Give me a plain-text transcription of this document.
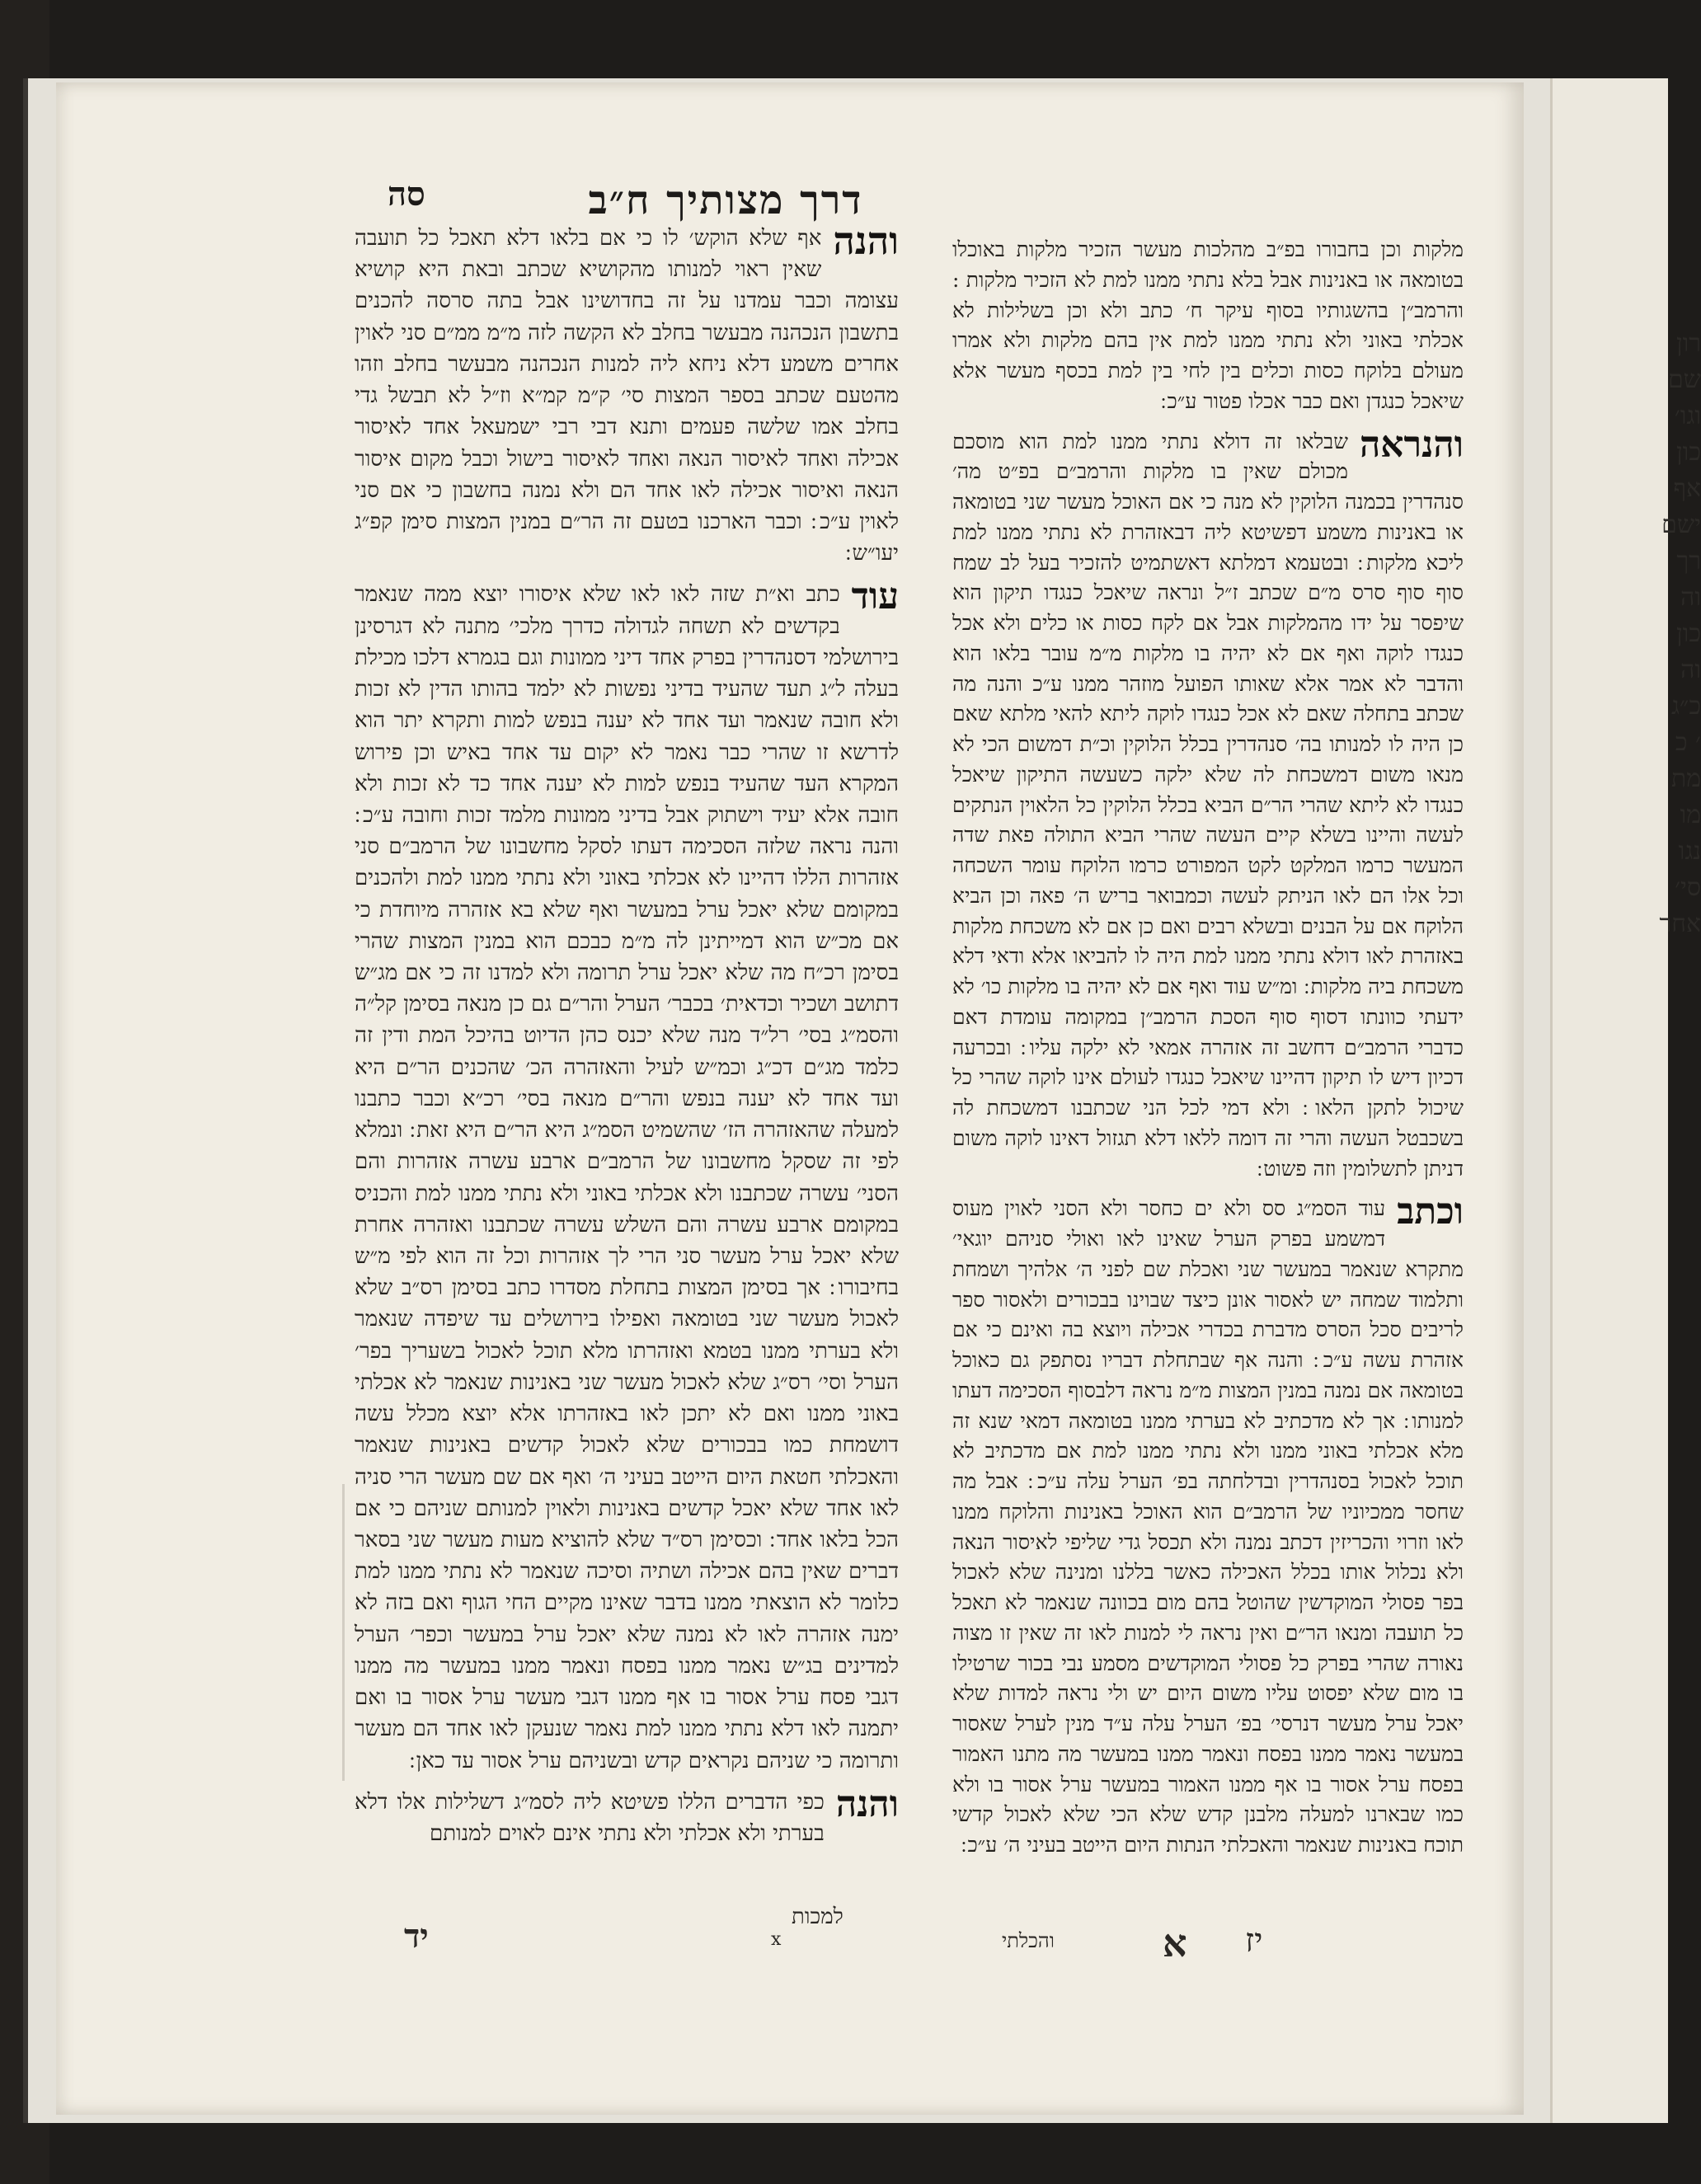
רון
שם
וגו׳
כון
אף
ישם
רך
וה
כון
וה
כ״ג
׳ כ
מת
מו
נגו
סי׳
אחר
דרך מצותיך ח״ב
סה
מלקות וכן בחבורו בפ״ב מהלכות מעשר הזכיר מלקות באוכלו בטומאה או באנינות אבל בלא נתתי ממנו למת לא הזכיר מלקות : והרמב״ן בהשגותיו בסוף עיקר ח׳ כתב ולא וכן בשלילות לא אכלתי באוני ולא נתתי ממנו למת אין בהם מלקות ולא אמרו מעולם בלוקח כסות וכלים בין לחי בין למת בכסף מעשר אלא שיאכל כנגדן ואם כבר אכלו פטור ע״כ ׃
והנראה
שבלאו זה דולא נתתי ממנו למת הוא מוסכם מכולם שאין בו מלקות והרמב״ם בפ״ט מה׳ סנהדרין בכמנה הלוקין לא מנה כי אם האוכל מעשר שני בטומאה או באנינות משמע דפשיטא ליה דבאזהרת לא נתתי ממנו למת ליכא מלקות ׃ ובטעמא דמלתא דאשתמיט להזכיר בעל לב שמח סוף סוף סרס מ״ם שכתב ז״ל ונראה שיאכל כנגדו תיקון הוא שיפסר על ידו מהמלקות אבל אם לקח כסות או כלים ולא אכל כנגדו לוקה ואף אם לא יהיה בו מלקות מ״מ עובר בלאו הוא והדבר לא אמר אלא שאותו הפועל מוזהר ממנו ע״כ והנה מה שכתב בתחלה שאם לא אכל כנגדו לוקה ליתא להאי מלתא שאם כן היה לו למנותו בה׳ סנהדרין בכלל הלוקין וכ״ת דמשום הכי לא מנאו משום דמשכחת לה שלא ילקה כשעשה התיקון שיאכל כנגדו לא ליתא שהרי הר״ם הביא בכלל הלוקין כל הלאוין הנתקים לעשה והיינו בשלא קיים העשה שהרי הביא התולה פאת שדה המעשר כרמו המלקט לקט המפורט כרמו הלוקח עומר השכחה וכל אלו הם לאו הניתק לעשה וכמבואר בריש ה׳ פאה וכן הביא הלוקח אם על הבנים ובשלא רבים ואם כן אם לא משכחת מלקות באזהרת לאו דולא נתתי ממנו למת היה לו להביאו אלא ודאי דלא משכחת ביה מלקות ׃ ומ״ש עוד ואף אם לא יהיה בו מלקות כו׳ לא ידעתי כוונתו דסוף סוף הסכת הרמב״ן במקומה עומדת דאם כדברי הרמב״ם דחשב זה אזהרה אמאי לא ילקה עליו ׃ ובכרעה דכיון דיש לו תיקון דהיינו שיאכל כנגדו לעולם אינו לוקה שהרי כל שיכול לתקן הלאו ׃ ולא דמי לכל הני שכתבנו דמשכחת לה בשכבטל העשה והרי זה דומה ללאו דלא תגזול דאינו לוקה משום דניתן לתשלומין וזה פשוט ׃
וכתב
עוד הסמ״ג סס ולא ים כחסר ולא הסני לאוין מעוס דמשמע בפרק הערל שאינו לאו ואולי סניהם יוגאי׳ מתקרא שנאמר במעשר שני ואכלת שם לפני ה׳ אלהיך ושמחת ותלמוד שמחה יש לאסור אונן כיצד שבוינו בבכורים ולאסור ספר לריבים סכל הסרס מדברת בכדרי אכילה ויוצא בה ואינם כי אם אזהרת עשה ע״כ ׃ והנה אף שבתחלת דבריו נסתפק גם כאוכל בטומאה אם נמנה במנין המצות מ״מ נראה דלבסוף הסכימה דעתו למנותו ׃ אך לא מדכתיב לא בערתי ממנו בטומאה דמאי שנא זה מלא אכלתי באוני ממנו ולא נתתי ממנו למת אם מדכתיב לא תוכל לאכול בסנהדרין ובדלחתה בפ׳ הערל עלה ע״כ ׃ אבל מה שחסר ממכיוניו של הרמב״ם הוא האוכל באנינות והלוקח ממנו לאו וזרוי והכריזין דכתב נמנה ולא תכסל גדי שליפי לאיסור הנאה ולא נכלול אותו בכלל האכילה כאשר בללנו ומנינה שלא לאכול בפר פסולי המוקדשין שהוטל בהם מום בכוונה שנאמר לא תאכל כל תועבה ומנאו הר״ם ואין נראה לי למנות לאו זה שאין זו מצוה נאורה שהרי בפרק כל פסולי המוקדשים מסמע נבי בכור שרטילו בו מום שלא יפסוט עליו משום היום יש ולי נראה למדות שלא יאכל ערל מעשר דנרסי׳ בפ׳ הערל עלה ע״ד מנין לערל שאסור במעשר נאמר ממנו בפסח ונאמר ממנו במעשר מה מתנו האמור בפסח ערל אסור בו אף ממנו האמור במעשר ערל אסור בו ולא כמו שבארנו למעלה מלבנן קדש שלא הכי שלא לאכול קדשי תוכח באנינות שנאמר והאכלתי הנתות היום הייטב בעיני ה׳ ע״כ ׃
והנה
אף שלא הוקש׳ לו כי אם בלאו דלא תאכל כל תועבה שאין ראוי למנותו מהקושיא שכתב ובאת היא קושיא עצומה וכבר עמדנו על זה בחדושינו אבל בתה סרסה להכנים בתשבון הנכהנה מבעשר בחלב לא הקשה לזה מ״מ ממ״ם סני לאוין אחרים משמע דלא ניחא ליה למנות הנכהנה מבעשר בחלב וזהו מהטעם שכתב בספר המצות סי׳ ק״מ קמ״א וז״ל לא תבשל גדי בחלב אמו שלשה פעמים ותנא דבי רבי ישמעאל אחד לאיסור אכילה ואחד לאיסור הנאה ואחד לאיסור בישול וכבל מקום איסור הנאה ואיסור אכילה לאו אחד הם ולא נמנה בחשבון כי אם סני לאוין ע״כ ׃ וכבר הארכנו בטעם זה הר״ם במנין המצות סימן קפ״ג יעו״ש ׃
עוד
כתב וא״ת שזה לאו לאו שלא איסורו יוצא ממה שנאמר בקדשים לא תשחה לגדולה כדרך מלכי׳ מתנה לא דגרסינן בירושלמי דסנהדרין בפרק אחד דיני ממונות וגם בגמרא דלכו מכילת בעלה ל״ג תעד שהעיד בדיני נפשות לא ילמד בהותו הדין לא זכות ולא חובה שנאמר ועד אחד לא יענה בנפש למות ותקרא יתר הוא לדרשא זו שהרי כבר נאמר לא יקום עד אחד באיש וכן פירוש המקרא העד שהעיד בנפש למות לא יענה אחד כד לא זכות ולא חובה אלא יעיד וישתוק אבל בדיני ממונות מלמד זכות וחובה ע״כ ׃ והנה נראה שלזה הסכימה דעתו לסקל מחשבונו של הרמב״ם סני אזהרות הללו דהיינו לא אכלתי באוני ולא נתתי ממנו למת ולהכנים במקומם שלא יאכל ערל במעשר ואף שלא בא אזהרה מיוחדת כי אם מכ״ש הוא דמייתינן לה מ״מ כבכם הוא במנין המצות שהרי בסימן רכ״ח מה שלא יאכל ערל תרומה ולא למדנו זה כי אם מג״ש דתושב ושכיר וכדאית׳ בכבר׳ הערל והר״ם גם כן מנאה בסימן קל״ה והסמ״ג בסי׳ רל״ד מנה שלא יכנס כהן הדיוט בהיכל המת ודין זה כלמד מג״ם דכ״ג וכמ״ש לעיל והאזהרה הכ׳ שהכנים הר״ם היא ועד אחד לא יענה בנפש והר״ם מנאה בסי׳ רכ״א וכבר כתבנו למעלה שהאזהרה הז׳ שהשמיט הסמ״ג היא הר״ם היא זאת ׃ ונמלא לפי זה שסקל מחשבונו של הרמב״ם ארבע עשרה אזהרות והם הסני׳ עשרה שכתבנו ולא אכלתי באוני ולא נתתי ממנו למת והכניס במקומם ארבע עשרה והם השלש עשרה שכתבנו ואזהרה אחרת שלא יאכל ערל מעשר סני הרי לך אזהרות וכל זה הוא לפי מ״ש בחיבורו ׃ אך בסימן המצות בתחלת מסדרו כתב בסימן רס״ב שלא לאכול מעשר שני בטומאה ואפילו בירושלים עד שיפדה שנאמר ולא בערתי ממנו בטמא ואזהרתו מלא תוכל לאכול בשעריך בפר׳ הערל וסי׳ רס״ג שלא לאכול מעשר שני באנינות שנאמר לא אכלתי באוני ממנו ואם לא יתכן לאו באזהרתו אלא יוצא מכלל עשה דושמחת כמו בבכורים שלא לאכול קדשים באנינות שנאמר והאכלתי חטאת היום הייטב בעיני ה׳ ואף אם שם מעשר הרי סניה לאו אחד שלא יאכל קדשים באנינות ולאוין למנותם שניהם כי אם הכל בלאו אחד ׃ וכסימן רס״ד שלא להוציא מעות מעשר שני בסאר דברים שאין בהם אכילה ושתיה וסיכה שנאמר לא נתתי ממנו למת כלומר לא הוצאתי ממנו בדבר שאינו מקיים החי הגוף ואם בזה לא ימנה אזהרה לאו לא נמנה שלא יאכל ערל במעשר וכפר׳ הערל למדינים בג״ש נאמר ממנו בפסח ונאמר ממנו במעשר מה ממנו דגבי פסח ערל אסור בו אף ממנו דגבי מעשר ערל אסור בו ואם יתמנה לאו דלא נתתי ממנו למת נאמר שנעקן לאו אחד הם מעשר ותרומה כי שניהם נקראים קדש ובשניהם ערל אסור עד כאן ׃
והנה
כפי הדברים הללו פשיטא ליה לסמ״ג דשלילות אלו דלא בערתי ולא אכלתי ולא נתתי אינם לאוים למנותם
יז
א
והכלתי
למכות
יד	x
